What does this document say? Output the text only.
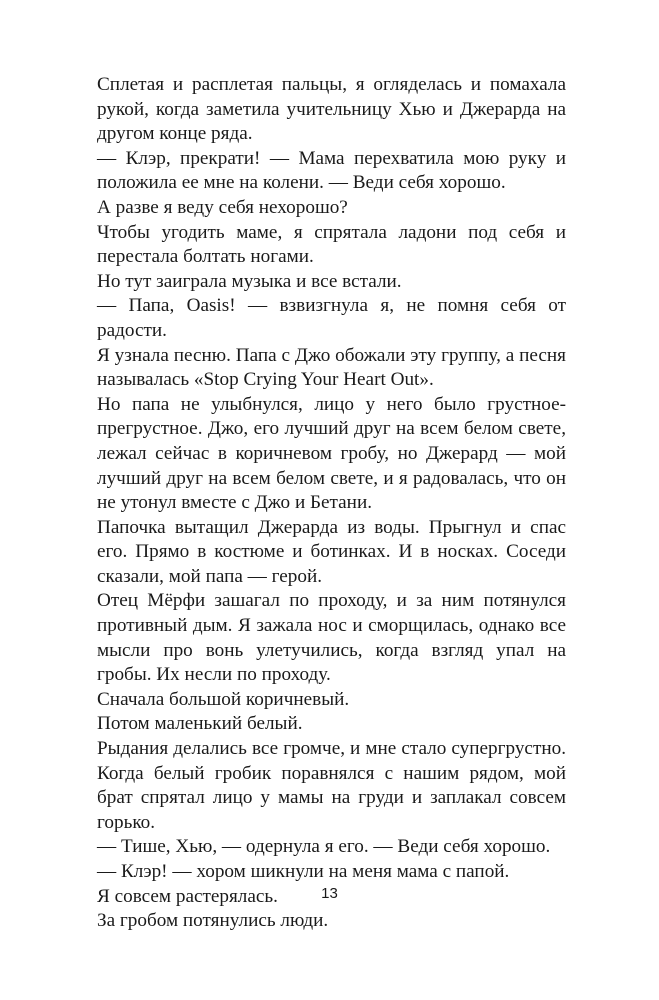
Сплетая и расплетая пальцы, я огляделась и помахала рукой, когда заметила учительницу Хью и Джерарда на другом конце ряда.

— Клэр, прекрати! — Мама перехватила мою руку и положила ее мне на колени. — Веди себя хорошо.

А разве я веду себя нехорошо?

Чтобы угодить маме, я спрятала ладони под себя и перестала болтать ногами.

Но тут заиграла музыка и все встали.

— Папа, Oasis! — взвизгнула я, не помня себя от радости.

Я узнала песню. Папа с Джо обожали эту группу, а песня называлась «Stop Crying Your Heart Out».

Но папа не улыбнулся, лицо у него было грустное-прегрустное. Джо, его лучший друг на всем белом свете, лежал сейчас в коричневом гробу, но Джерард — мой лучший друг на всем белом свете, и я радовалась, что он не утонул вместе с Джо и Бетани.

Папочка вытащил Джерарда из воды. Прыгнул и спас его. Прямо в костюме и ботинках. И в носках. Соседи сказали, мой папа — герой.

Отец Мёрфи зашагал по проходу, и за ним потянулся противный дым. Я зажала нос и сморщилась, однако все мысли про вонь улетучились, когда взгляд упал на гробы. Их несли по проходу.

Сначала большой коричневый.

Потом маленький белый.

Рыдания делались все громче, и мне стало супергрустно. Когда белый гробик поравнялся с нашим рядом, мой брат спрятал лицо у мамы на груди и заплакал совсем горько.

— Тише, Хью, — одернула я его. — Веди себя хорошо.

— Клэр! — хором шикнули на меня мама с папой.

Я совсем растерялась.

За гробом потянулись люди.

13
